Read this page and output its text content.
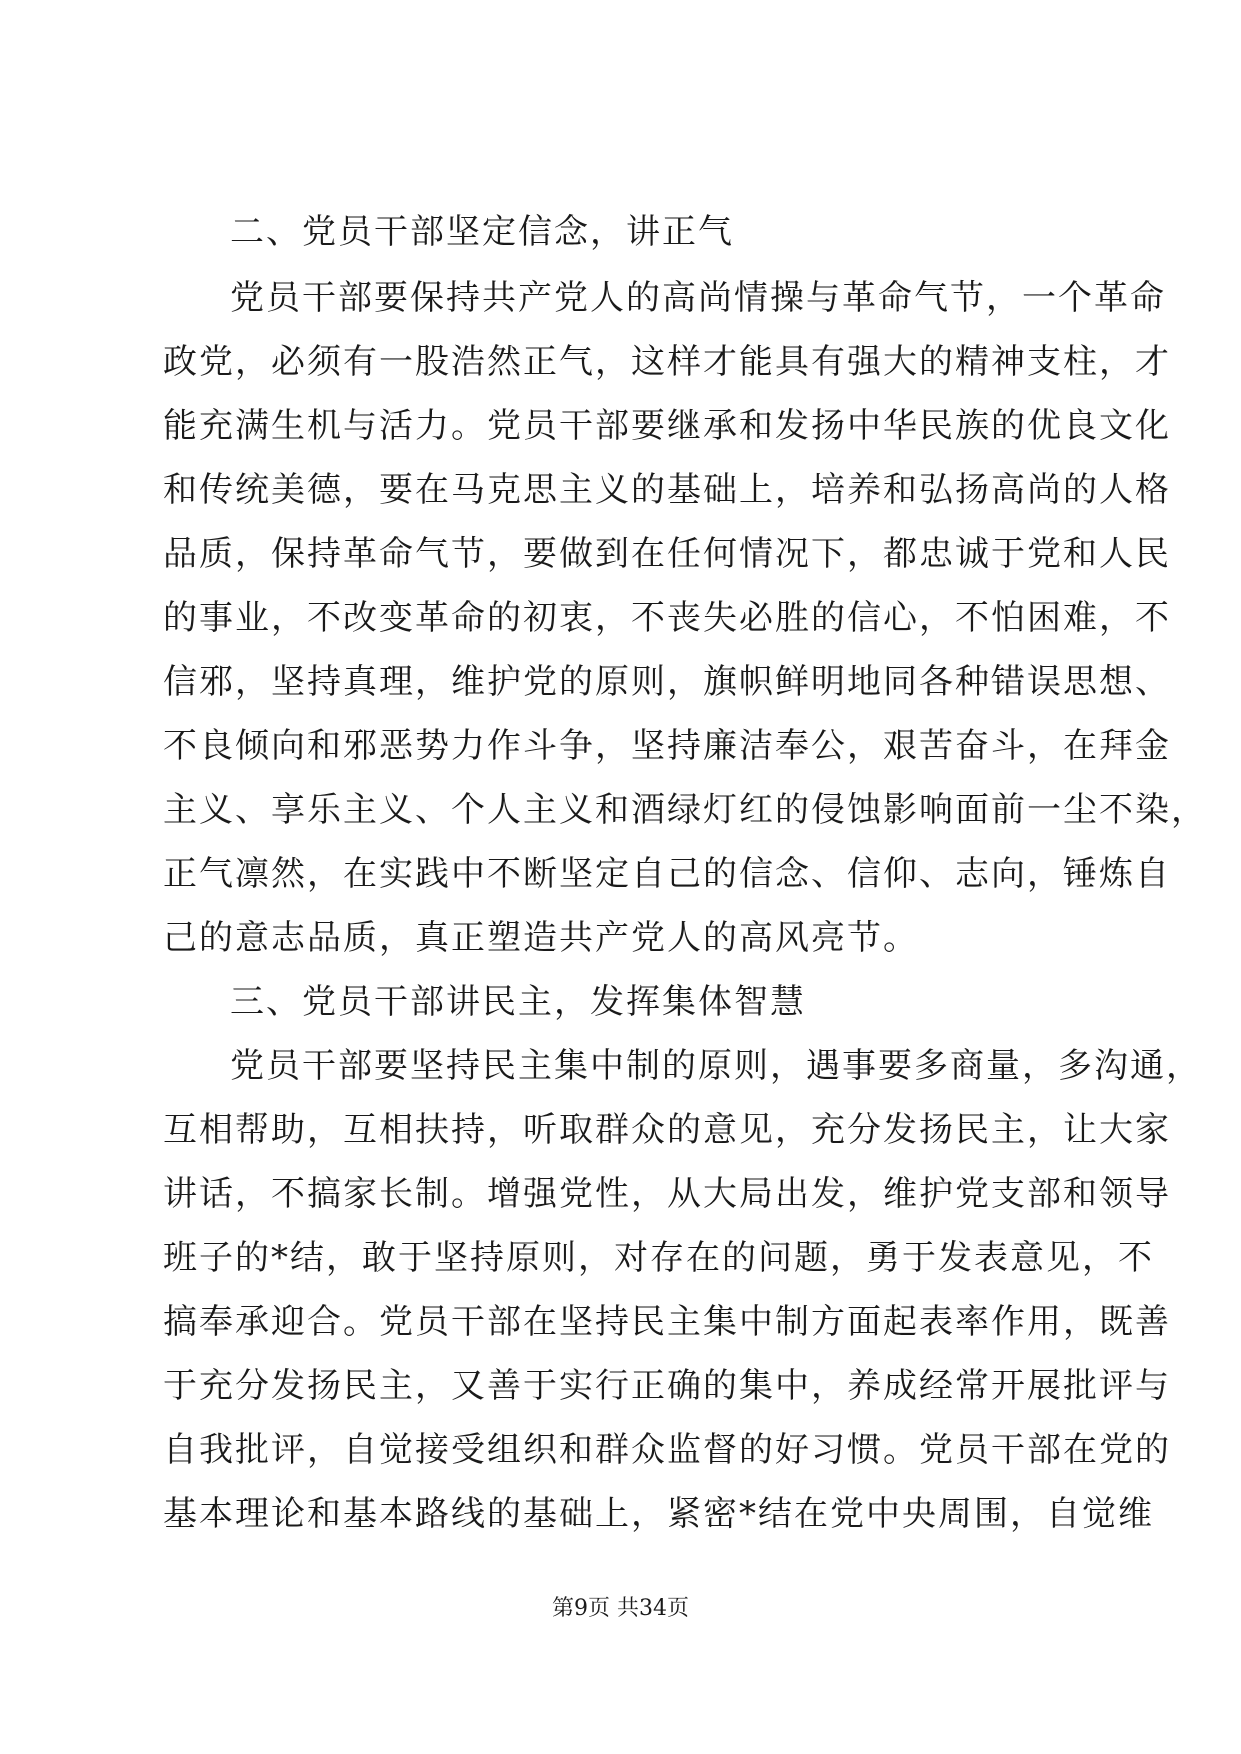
二、党员干部坚定信念，讲正气
党员干部要保持共产党人的高尚情操与革命气节，一个革命
政党，必须有一股浩然正气，这样才能具有强大的精神支柱，才
能充满生机与活力。党员干部要继承和发扬中华民族的优良文化
和传统美德，要在马克思主义的基础上，培养和弘扬高尚的人格
品质，保持革命气节，要做到在任何情况下，都忠诚于党和人民
的事业，不改变革命的初衷，不丧失必胜的信心，不怕困难，不
信邪，坚持真理，维护党的原则，旗帜鲜明地同各种错误思想、
不良倾向和邪恶势力作斗争，坚持廉洁奉公，艰苦奋斗，在拜金
主义、享乐主义、个人主义和酒绿灯红的侵蚀影响面前一尘不染，
正气凛然，在实践中不断坚定自己的信念、信仰、志向，锤炼自
己的意志品质，真正塑造共产党人的高风亮节。
三、党员干部讲民主，发挥集体智慧
党员干部要坚持民主集中制的原则，遇事要多商量，多沟通，
互相帮助，互相扶持，听取群众的意见，充分发扬民主，让大家
讲话，不搞家长制。增强党性，从大局出发，维护党支部和领导
班子的*结，敢于坚持原则，对存在的问题，勇于发表意见，不
搞奉承迎合。党员干部在坚持民主集中制方面起表率作用，既善
于充分发扬民主，又善于实行正确的集中，养成经常开展批评与
自我批评，自觉接受组织和群众监督的好习惯。党员干部在党的
基本理论和基本路线的基础上，紧密*结在党中央周围，自觉维
第9页 共34页
